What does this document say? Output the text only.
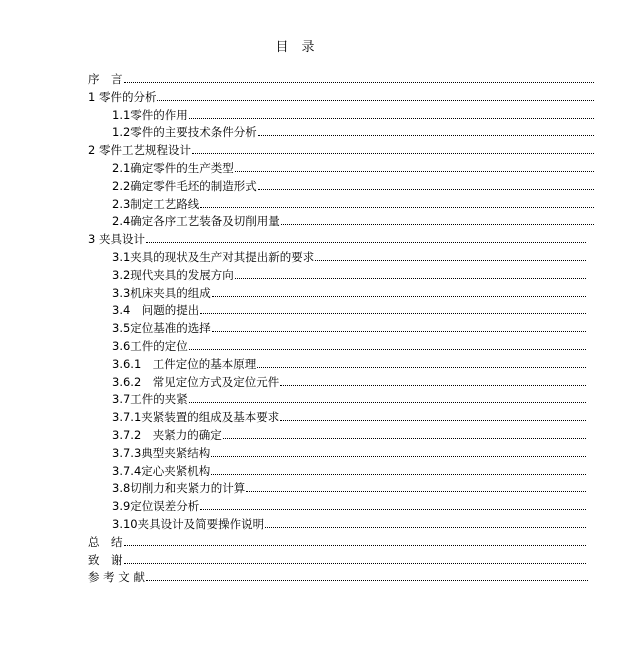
目　录
序　言
1 零件的分析
1.1零件的作用
1.2零件的主要技术条件分析
2 零件工艺规程设计
2.1确定零件的生产类型
2.2确定零件毛坯的制造形式
2.3制定工艺路线
2.4确定各序工艺装备及切削用量
3 夹具设计
3.1夹具的现状及生产对其提出新的要求
3.2现代夹具的发展方向
3.3机床夹具的组成
3.4　问题的提出
3.5定位基准的选择
3.6工件的定位
3.6.1　工件定位的基本原理
3.6.2　常见定位方式及定位元件
3.7工件的夹紧
3.7.1夹紧装置的组成及基本要求
3.7.2　夹紧力的确定
3.7.3典型夹紧结构
3.7.4定心夹紧机构
3.8切削力和夹紧力的计算
3.9定位误差分析
3.10夹具设计及简要操作说明
总　结
致　谢
参 考 文 献
